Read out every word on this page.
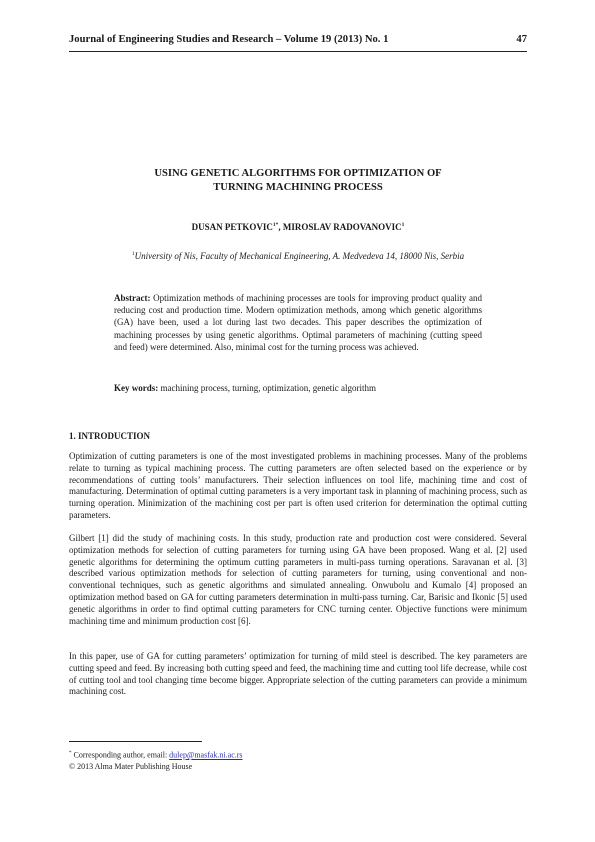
Journal of Engineering Studies and Research – Volume 19 (2013) No. 1	47
USING GENETIC ALGORITHMS FOR OPTIMIZATION OF
TURNING MACHINING PROCESS
DUSAN $PETKOVIC^{1*}$, MIROSLAV RADOVANOVIC$^1$
$^1$University of Nis, Faculty of Mechanical Engineering, A. Medvedeva 14, 18000 Nis, Serbia
Abstract: Optimization methods of machining processes are tools for improving product quality and reducing cost and production time. Modern optimization methods, among which genetic algorithms (GA) have been, used a lot during last two decades. This paper describes the optimization of machining processes by using genetic algorithms. Optimal parameters of machining (cutting speed and feed) were determined. Also, minimal cost for the turning process was achieved.
Key words: machining process, turning, optimization, genetic algorithm
1. INTRODUCTION

Optimization of cutting parameters is one of the most investigated problems in machining processes. Many of the problems relate to turning as typical machining process. The cutting parameters are often selected based on the experience or by recommendations of cutting tools’ manufacturers. Their selection influences on tool life, machining time and cost of manufacturing. Determination of optimal cutting parameters is a very important task in planning of machining process, such as turning operation. Minimization of the machining cost per part is often used criterion for determination the optimal cutting parameters.

Gilbert [1] did the study of machining costs. In this study, production rate and production cost were considered. Several optimization methods for selection of cutting parameters for turning using GA have been proposed. Wang et al. [2] used genetic algorithms for determining the optimum cutting parameters in multi-pass turning operations. Saravanan et al. [3] described various optimization methods for selection of cutting parameters for turning, using conventional and non-conventional techniques, such as genetic algorithms and simulated annealing. Onwubolu and Kumalo [4] proposed an optimization method based on GA for cutting parameters determination in multi-pass turning. Car, Barisic and Ikonic [5] used genetic algorithms in order to find optimal cutting parameters for CNC turning center. Objective functions were minimum machining time and minimum production cost [6].

In this paper, use of GA for cutting parameters’ optimization for turning of mild steel is described. The key parameters are cutting speed and feed. By increasing both cutting speed and feed, the machining time and cutting tool life decrease, while cost of cutting tool and tool changing time become bigger. Appropriate selection of the cutting parameters can provide a minimum machining cost.

* Corresponding author, email: dulep@masfak.ni.ac.rs
© 2013 Alma Mater Publishing House
